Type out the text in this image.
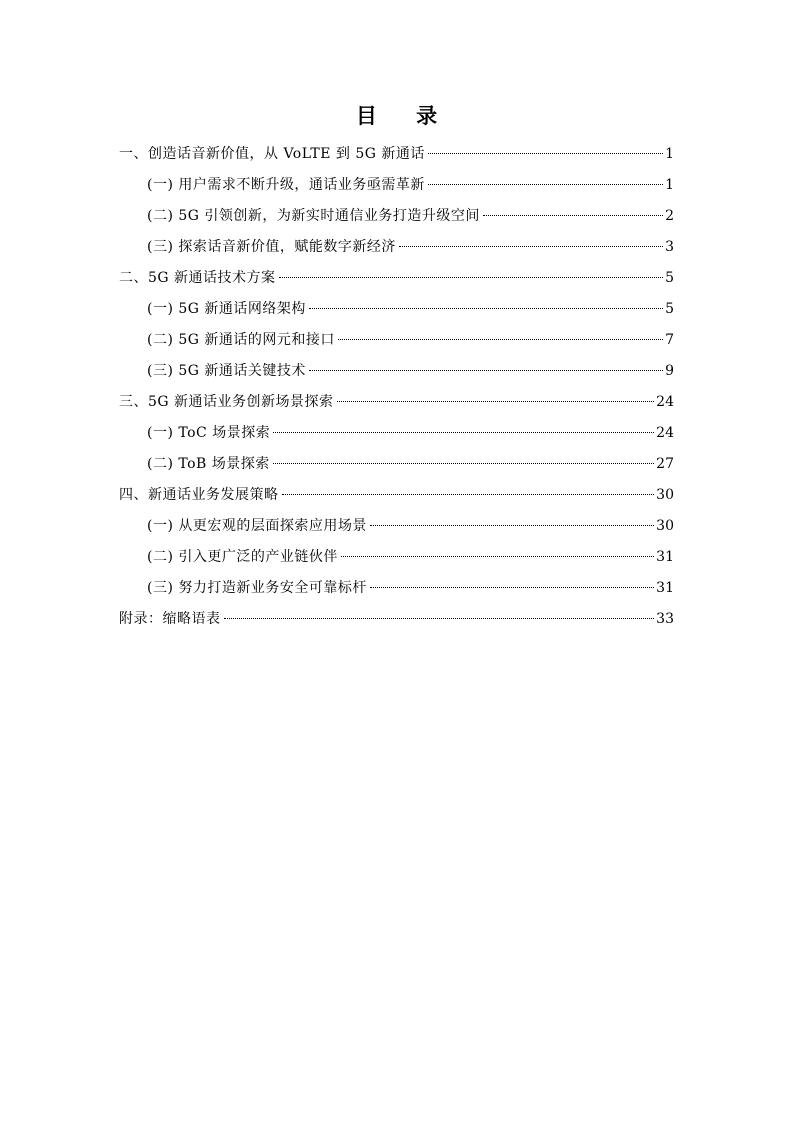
目 录
一、创造话音新价值，从 VoLTE 到 5G 新通话	1
(一) 用户需求不断升级，通话业务亟需革新	1
(二) 5G 引领创新，为新实时通信业务打造升级空间	2
(三) 探索话音新价值，赋能数字新经济	3
二、5G 新通话技术方案	5
(一) 5G 新通话网络架构	5
(二) 5G 新通话的网元和接口	7
(三) 5G 新通话关键技术	9
三、5G 新通话业务创新场景探索	24
(一) ToC 场景探索	24
(二) ToB 场景探索	27
四、新通话业务发展策略	30
(一) 从更宏观的层面探索应用场景	30
(二) 引入更广泛的产业链伙伴	31
(三) 努力打造新业务安全可靠标杆	31
附录：缩略语表	33
